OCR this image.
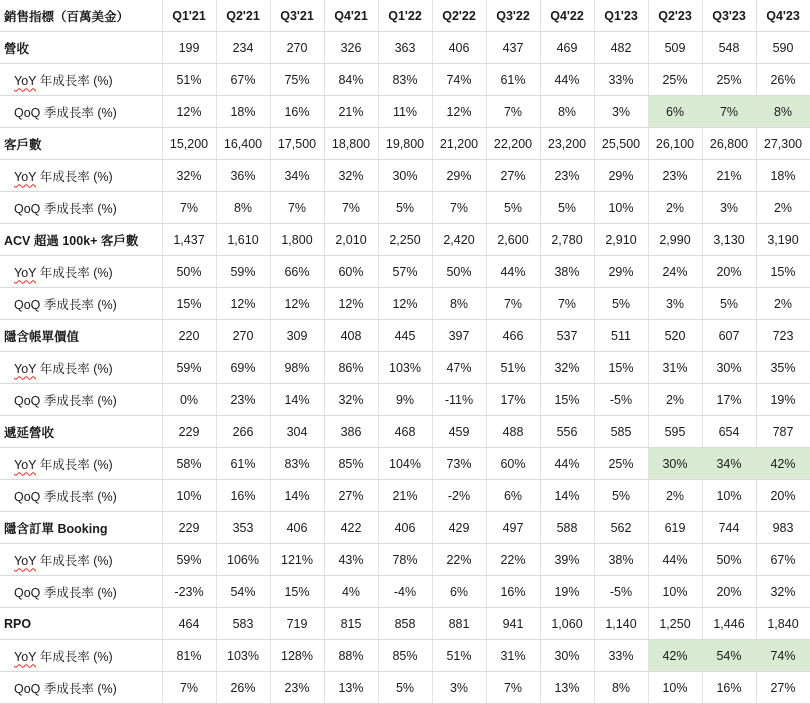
銷售指標（百萬美金）	Q1'21	Q2'21	Q3'21	Q4'21	Q1'22	Q2'22	Q3'22	Q4'22	Q1'23	Q2'23	Q3'23	Q4'23
營收	199	234	270	326	363	406	437	469	482	509	548	590
YoY 年成長率 (%)	51%	67%	75%	84%	83%	74%	61%	44%	33%	25%	25%	26%
QoQ 季成長率 (%)	12%	18%	16%	21%	11%	12%	7%	8%	3%	6%	7%	8%
客戶數	15,200	16,400	17,500	18,800	19,800	21,200	22,200	23,200	25,500	26,100	26,800	27,300
YoY 年成長率 (%)	32%	36%	34%	32%	30%	29%	27%	23%	29%	23%	21%	18%
QoQ 季成長率 (%)	7%	8%	7%	7%	5%	7%	5%	5%	10%	2%	3%	2%
ACV 超過 100k+ 客戶數	1,437	1,610	1,800	2,010	2,250	2,420	2,600	2,780	2,910	2,990	3,130	3,190
YoY 年成長率 (%)	50%	59%	66%	60%	57%	50%	44%	38%	29%	24%	20%	15%
QoQ 季成長率 (%)	15%	12%	12%	12%	12%	8%	7%	7%	5%	3%	5%	2%
隱含帳單價值	220	270	309	408	445	397	466	537	511	520	607	723
YoY 年成長率 (%)	59%	69%	98%	86%	103%	47%	51%	32%	15%	31%	30%	35%
QoQ 季成長率 (%)	0%	23%	14%	32%	9%	-11%	17%	15%	-5%	2%	17%	19%
遞延營收	229	266	304	386	468	459	488	556	585	595	654	787
YoY 年成長率 (%)	58%	61%	83%	85%	104%	73%	60%	44%	25%	30%	34%	42%
QoQ 季成長率 (%)	10%	16%	14%	27%	21%	-2%	6%	14%	5%	2%	10%	20%
隱含訂單 Booking	229	353	406	422	406	429	497	588	562	619	744	983
YoY 年成長率 (%)	59%	106%	121%	43%	78%	22%	22%	39%	38%	44%	50%	67%
QoQ 季成長率 (%)	-23%	54%	15%	4%	-4%	6%	16%	19%	-5%	10%	20%	32%
RPO	464	583	719	815	858	881	941	1,060	1,140	1,250	1,446	1,840
YoY 年成長率 (%)	81%	103%	128%	88%	85%	51%	31%	30%	33%	42%	54%	74%
QoQ 季成長率 (%)	7%	26%	23%	13%	5%	3%	7%	13%	8%	10%	16%	27%
